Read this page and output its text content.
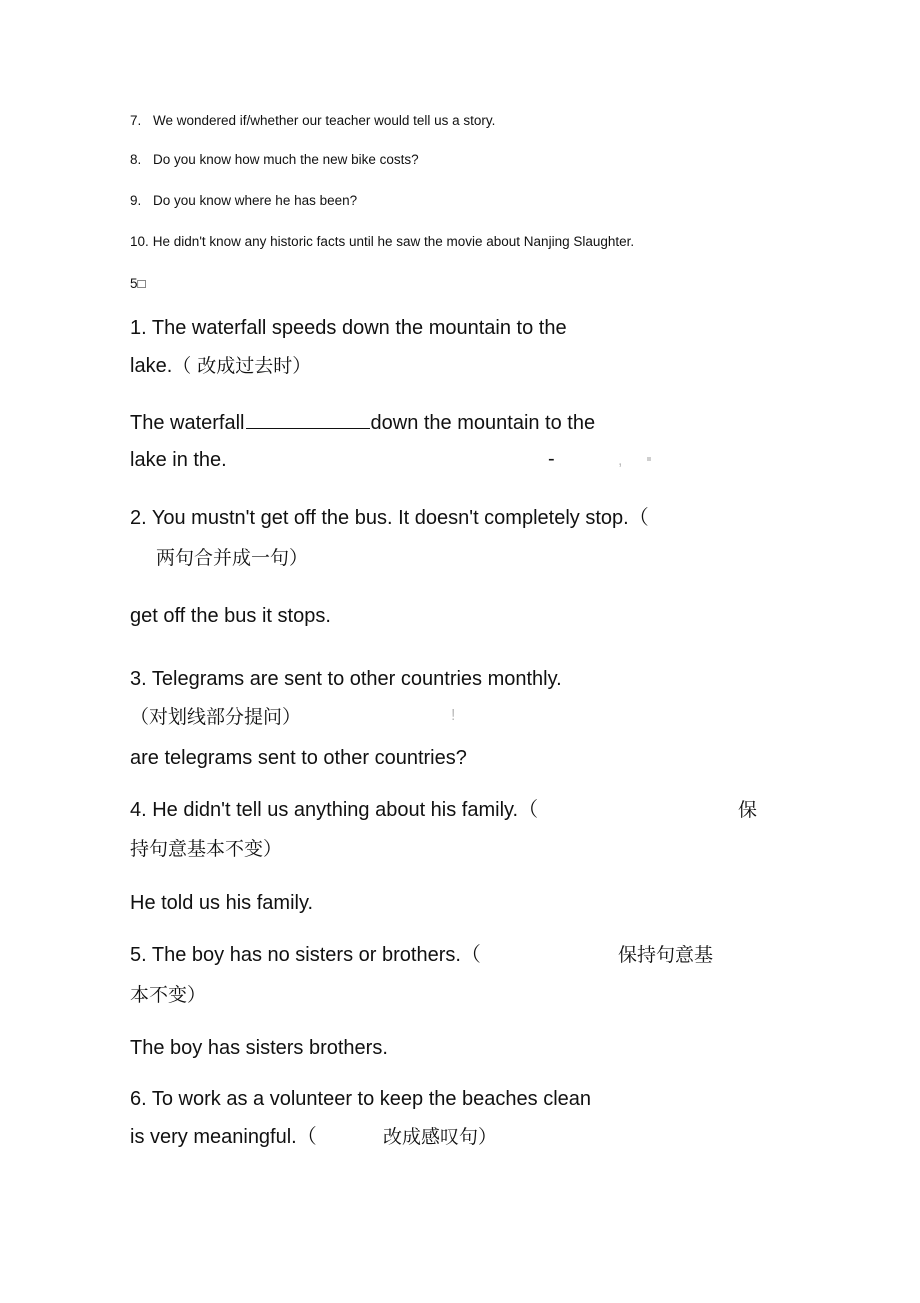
7. We wondered if/whether our teacher would tell us a story.
8. Do you know how much the new bike costs?
9. Do you know where he has been?
10. He didn't know any historic facts until he saw the movie about Nanjing Slaughter.
5□
1. The waterfall speeds down the mountain to the
lake.（ 改成过去时）
The waterfall	down the mountain to the
lake in the.	-	,
2. You mustn't get off the bus. It doesn't completely stop.（
两句合并成一句）
get off the bus it stops.
3. Telegrams are sent to other countries monthly.
（对划线部分提问）	!
are telegrams sent to other countries?
4. He didn't tell us anything about his family.（	保
持句意基本不变）
He told us his family.
5. The boy has no sisters or brothers.（	保持句意基
本不变）
The boy has sisters brothers.
6. To work as a volunteer to keep the beaches clean
is very meaningful.（	改成感叹句）
